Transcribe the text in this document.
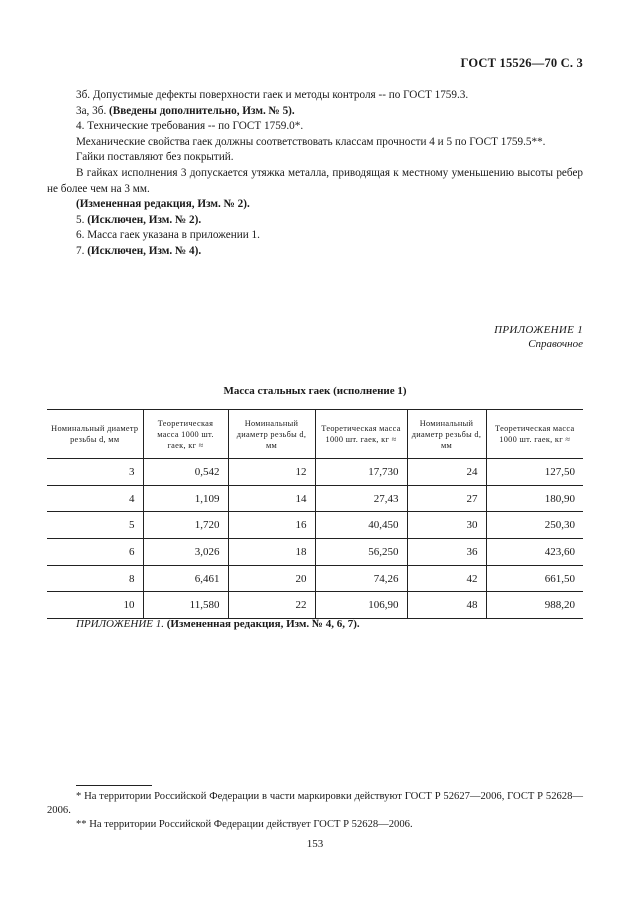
ГОСТ 15526—70 С. 3

3б. Допустимые дефекты поверхности гаек и методы контроля -- по ГОСТ 1759.3.

3а, 3б. (Введены дополнительно, Изм. № 5).

4. Технические требования -- по ГОСТ 1759.0*.

Механические свойства гаек должны соответствовать классам прочности 4 и 5 по ГОСТ 1759.5**.

Гайки поставляют без покрытий.

В гайках исполнения 3 допускается утяжка металла, приводящая к местному уменьшению высоты ребер не более чем на 3 мм.

(Измененная редакция, Изм. № 2).

5. (Исключен, Изм. № 2).

6. Масса гаек указана в приложении 1.

7. (Исключен, Изм. № 4).

ПРИЛОЖЕНИЕ 1
Справочное
Масса стальных гаек (исполнение 1)
Номинальный диаметр резьбы d, мм	Теоретическая масса 1000 шт. гаек, кг ≈	Номинальный диаметр резьбы d, мм	Теоретическая масса 1000 шт. гаек, кг ≈	Номинальный диаметр резьбы d, мм	Теоретическая масса 1000 шт. гаек, кг ≈
3	0,542	12	17,730	24	127,50
4	1,109	14	27,43	27	180,90
5	1,720	16	40,450	30	250,30
6	3,026	18	56,250	36	423,60
8	6,461	20	74,26	42	661,50
10	11,580	22	106,90	48	988,20
ПРИЛОЖЕНИЕ 1. (Измененная редакция, Изм. № 4, 6, 7).

* На территории Российской Федерации в части маркировки действуют ГОСТ Р 52627—2006, ГОСТ Р 52628—2006.

** На территории Российской Федерации действует ГОСТ Р 52628—2006.

153
